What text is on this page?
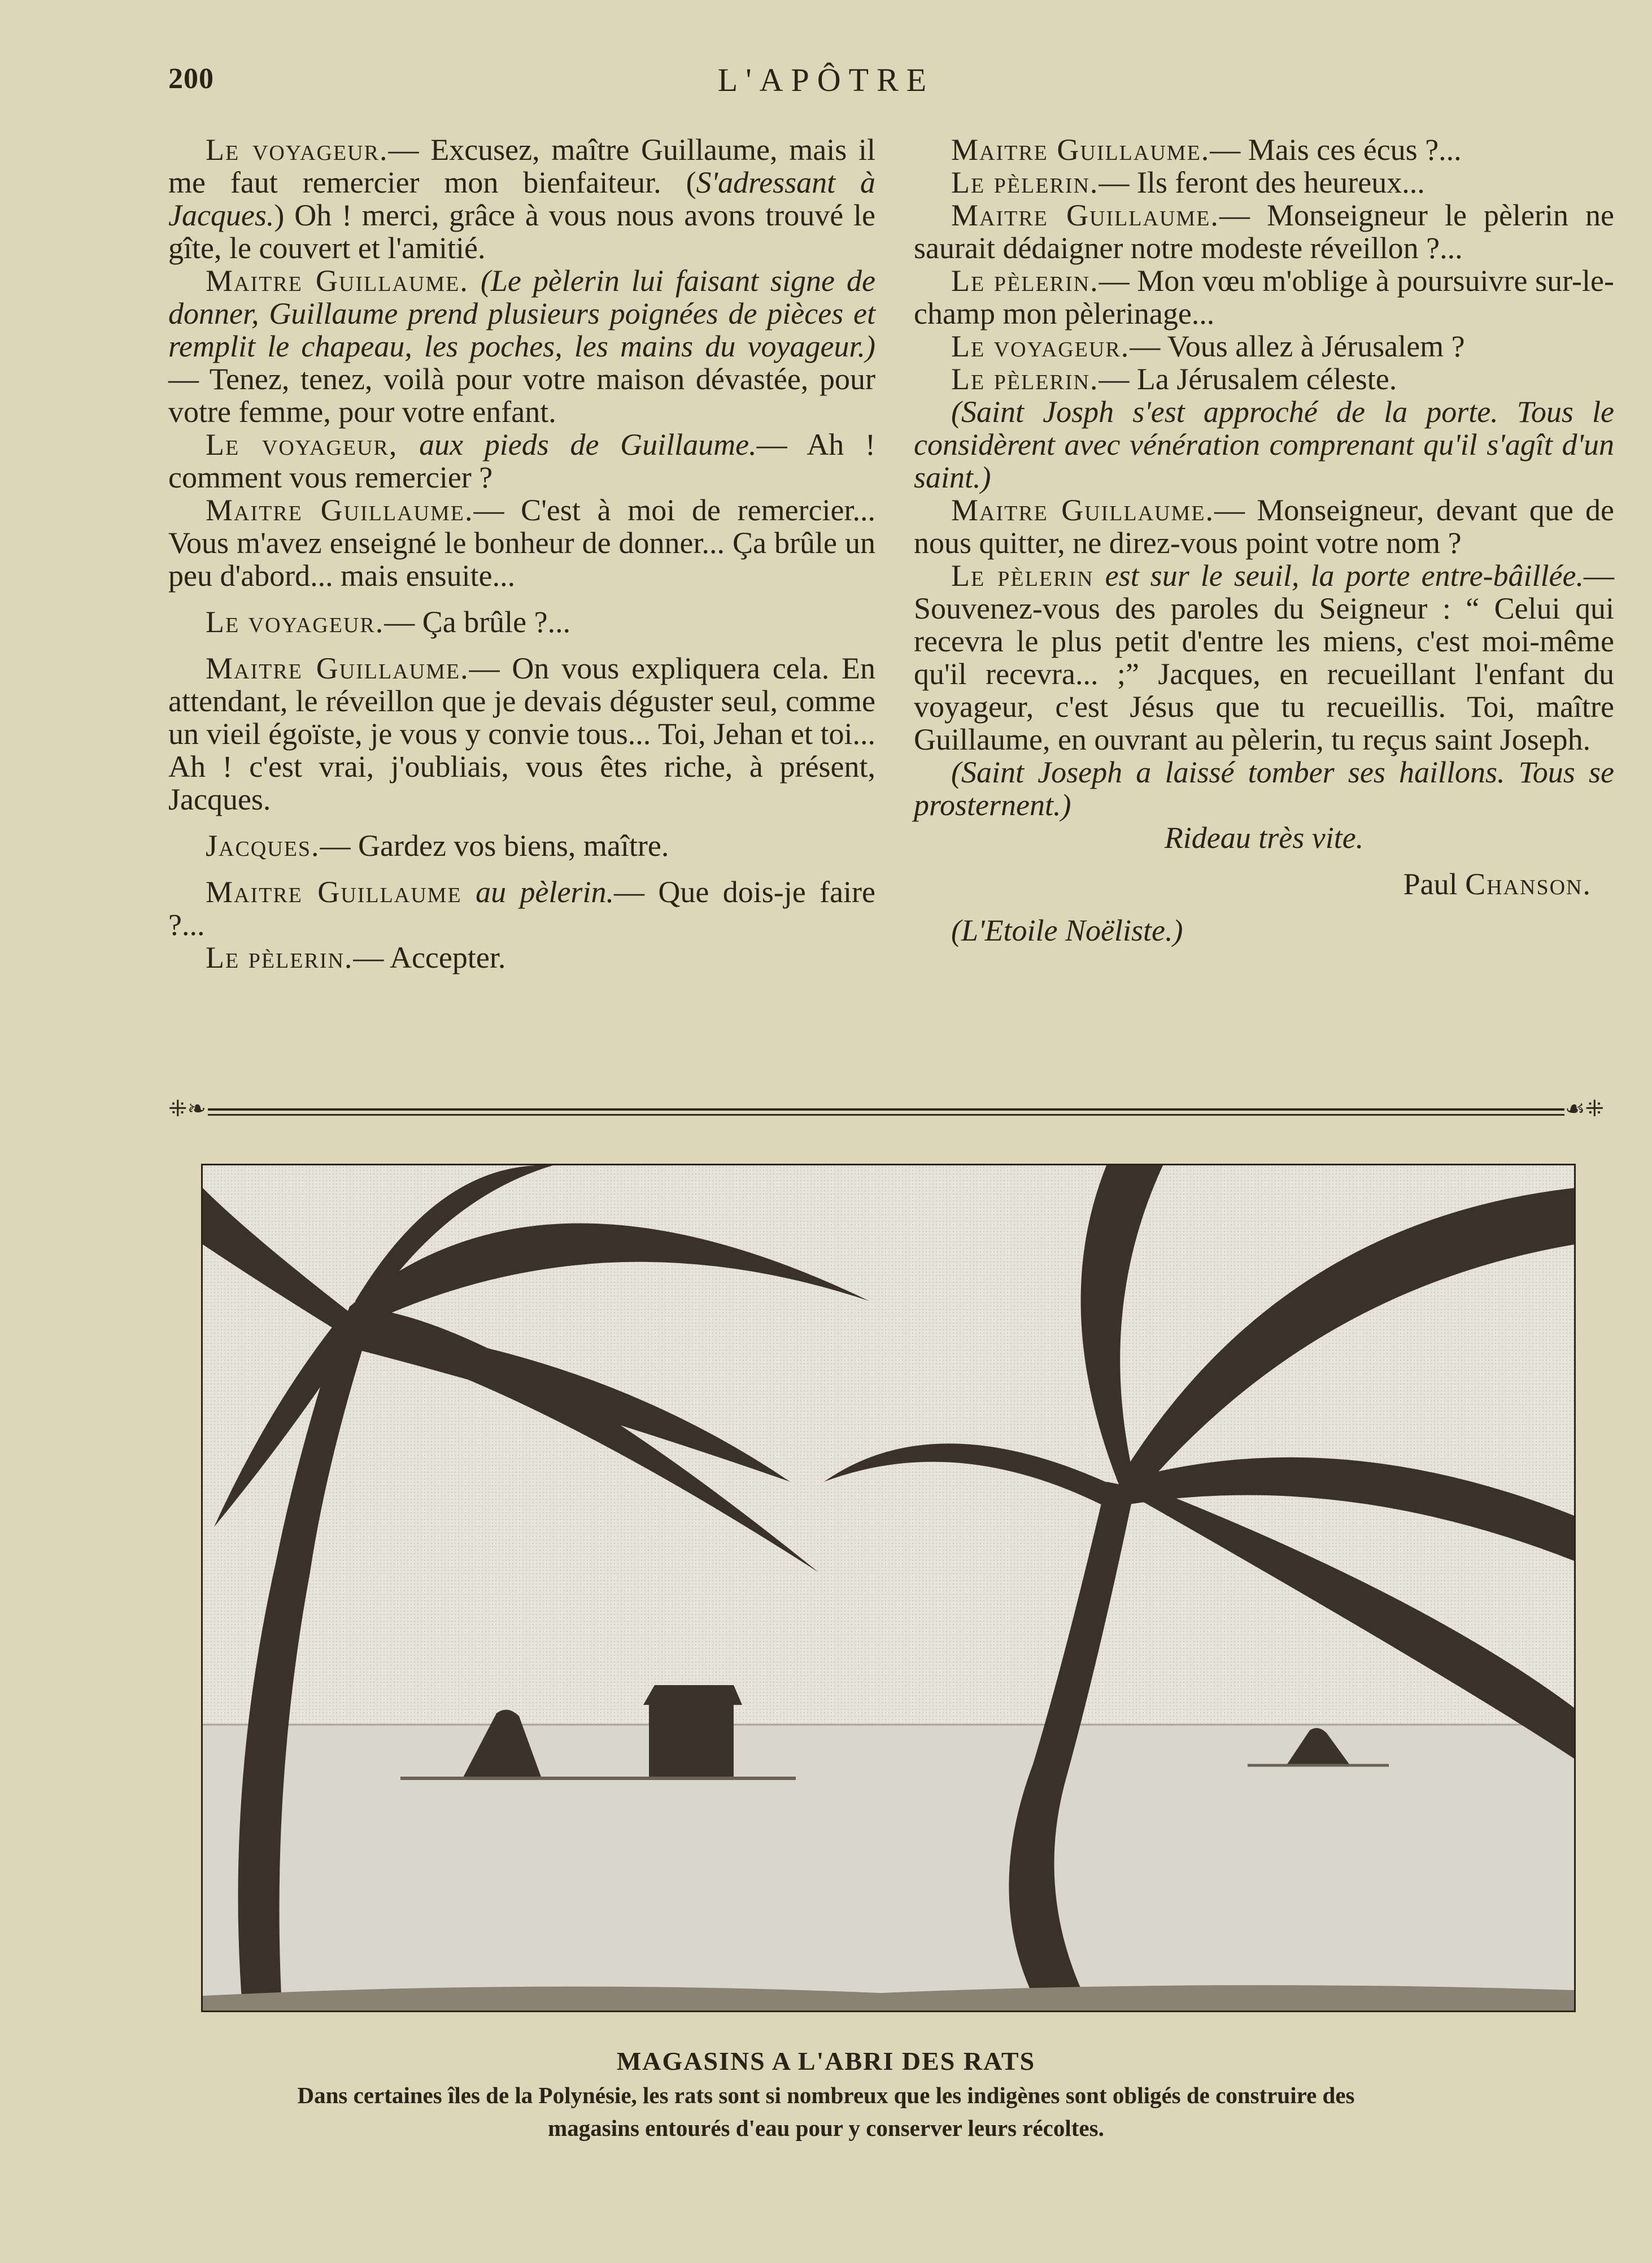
200	L'APÔTRE

Le voyageur.— Excusez, maître Guillaume, mais il me faut remercier mon bienfaiteur. (S'adressant à Jacques.) Oh ! merci, grâce à vous nous avons trouvé le gîte, le couvert et l'amitié.

Maitre Guillaume. (Le pèlerin lui faisant signe de donner, Guillaume prend plusieurs poignées de pièces et remplit le chapeau, les poches, les mains du voyageur.) — Tenez, tenez, voilà pour votre maison dévastée, pour votre femme, pour votre enfant.

Le voyageur, aux pieds de Guillaume.— Ah ! comment vous remercier ?

Maitre Guillaume.— C'est à moi de remercier... Vous m'avez enseigné le bonheur de donner... Ça brûle un peu d'abord... mais ensuite...

Le voyageur.— Ça brûle ?...

Maitre Guillaume.— On vous expliquera cela. En attendant, le réveillon que je devais déguster seul, comme un vieil égoïste, je vous y convie tous... Toi, Jehan et toi... Ah ! c'est vrai, j'oubliais, vous êtes riche, à présent, Jacques.

Jacques.— Gardez vos biens, maître.

Maitre Guillaume au pèlerin.— Que dois-je faire ?...

Le pèlerin.— Accepter.

Maitre Guillaume.— Mais ces écus ?...

Le pèlerin.— Ils feront des heureux...

Maitre Guillaume.— Monseigneur le pèlerin ne saurait dédaigner notre modeste réveillon ?...

Le pèlerin.— Mon vœu m'oblige à poursuivre sur-le-champ mon pèlerinage...

Le voyageur.— Vous allez à Jérusalem ?

Le pèlerin.— La Jérusalem céleste.

(Saint Josph s'est approché de la porte. Tous le considèrent avec vénération comprenant qu'il s'agît d'un saint.)

Maitre Guillaume.— Monseigneur, devant que de nous quitter, ne direz-vous point votre nom ?

Le pèlerin est sur le seuil, la porte entre-bâillée.— Souvenez-vous des paroles du Seigneur : “ Celui qui recevra le plus petit d'entre les miens, c'est moi-même qu'il recevra... ;” Jacques, en recueillant l'enfant du voyageur, c'est Jésus que tu recueillis. Toi, maître Guillaume, en ouvrant au pèlerin, tu reçus saint Joseph.

(Saint Joseph a laissé tomber ses haillons. Tous se prosternent.)

Rideau très vite.

Paul Chanson.

(L'Etoile Noëliste.)

⁜❧	☙⁜
MAGASINS A L'ABRI DES RATS
Dans certaines îles de la Polynésie, les rats sont si nombreux que les indigènes sont obligés de construire des magasins entourés d'eau pour y conserver leurs récoltes.
